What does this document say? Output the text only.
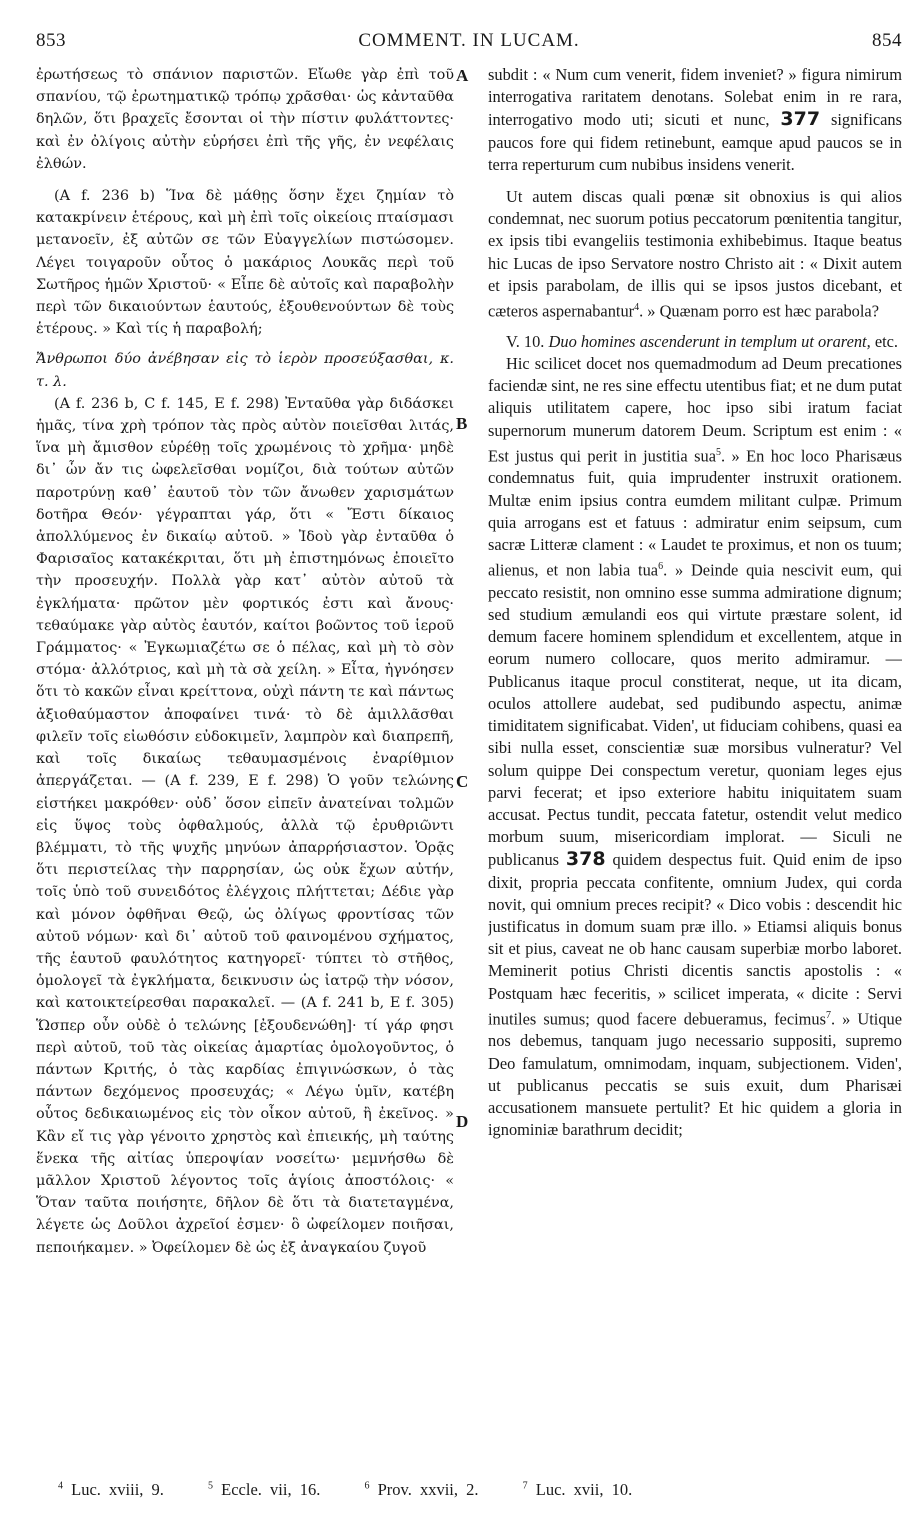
853	COMMENT. IN LUCAM.	854

ἐρωτήσεως τὸ σπάνιον παριστῶν. Εἴωθε γὰρ ἐπὶ τοῦ σπανίου, τῷ ἐρωτηματικῷ τρόπῳ χρᾶσθαι· ὡς κἀνταῦθα δηλῶν, ὅτι βραχεῖς ἔσονται οἱ τὴν πίστιν φυλάττοντες· καὶ ἐν ὀλίγοις αὐτὴν εὑρήσει ἐπὶ τῆς γῆς, ἐν νεφέλαις ἐλθών.

(A f. 236 b) Ἵνα δὲ μάθῃς ὅσην ἔχει ζημίαν τὸ καταкрίνειν ἑτέρους, καὶ μὴ ἐπὶ τοῖς οἰκείοις πταίσμασι μετανοεῖν, ἐξ αὐτῶν σε τῶν Εὐαγγελίων πιστώσομεν. Λέγει τοιγαροῦν οὗτος ὁ μακάριος Λουκᾶς περὶ τοῦ Σωτῆρος ἡμῶν Χριστοῦ· « Εἶπε δὲ αὐτοῖς καὶ παραβολὴν περὶ τῶν δικαιούντων ἑαυτούς, ἐξουθενούντων δὲ τοὺς ἑτέρους. » Καὶ τίς ἡ παραβολή;

Ἄνθρωποι δύο ἀνέβησαν εἰς τὸ ἱερὸν προσεύξασθαι, κ. τ. λ.

(A f. 236 b, C f. 145, E f. 298) Ἐνταῦθα γὰρ διδάσκει ἡμᾶς, τίνα χρὴ τρόπον τὰς πρὸς αὐτὸν ποιεῖσθαι λιτάς, ἵνα μὴ ἄμισθον εὑρέθῃ τοῖς χρωμένοις τὸ χρῆμα· μηδὲ δι᾽ ὧν ἄν τις ὠφελεῖσθαι νομίζοι, διὰ τούτων αὐτῶν παροτρύνῃ καθ᾽ ἑαυτοῦ τὸν τῶν ἄνωθεν χαρισμάτων δοτῆρα Θεόν· γέγραπται γάρ, ὅτι « Ἔστι δίκαιος ἀπολλύμενος ἐν δικαίῳ αὐτοῦ. » Ἰδοὺ γὰρ ἐνταῦθα ὁ Φαρισαῖος κατακέκριται, ὅτι μὴ ἐπιστημόνως ἐποιεῖτο τὴν προσευχήν. Πολλὰ γὰρ κατ᾽ αὐτὸν αὐτοῦ τὰ ἐγκλήματα· πρῶτον μὲν φορτικός ἐστι καὶ ἄνους· τεθαύμακε γὰρ αὐτὸς ἑαυτόν, καίτοι βοῶντος τοῦ ἱεροῦ Γράμματος· « Ἐγκωμιαζέτω σε ὁ πέλας, καὶ μὴ τὸ σὸν στόμα· ἀλλότριος, καὶ μὴ τὰ σὰ χείλη. » Εἶτα, ἠγνόησεν ὅτι τὸ κακῶν εἶναι κρείττονα, οὐχὶ πάντη τε καὶ πάντως ἀξιοθαύμαστον ἀποφαίνει τινά· τὸ δὲ ἁμιλλᾶσθαι φιλεῖν τοῖς εἰωθόσιν εὐδοκιμεῖν, λαμπρὸν καὶ διαπρεπῆ, καὶ τοῖς δικαίως τεθαυμασμένοις ἐναρίθμιον ἀπεργάζεται. — (A f. 239, E f. 298) Ὁ γοῦν τελώνης εἱστήκει μακρόθεν· οὐδ᾽ ὅσον εἰπεῖν ἀνατείναι τολμῶν εἰς ὕψος τοὺς ὀφθαλμούς, ἀλλὰ τῷ ἐρυθριῶντι βλέμματι, τὸ τῆς ψυχῆς μηνύων ἀπαρρήσιαστον. Ὁρᾷς ὅτι περιστείλας τὴν παρρησίαν, ὡς οὐκ ἔχων αὐτήν, τοῖς ὑπὸ τοῦ συνειδότος ἐλέγχοις πλήττεται; Δέδιε γὰρ καὶ μόνον ὀφθῆναι Θεῷ, ὡς ὀλίγως φροντίσας τῶν αὐτοῦ νόμων· καὶ δι᾽ αὐτοῦ τοῦ φαινομένου σχήματος, τῆς ἑαυτοῦ φαυλότητος κατηγορεῖ· τύπτει τὸ στῆθος, ὁμολογεῖ τὰ ἐγκλήματα, δεικνυσιν ὡς ἰατρῷ τὴν νόσον, καὶ κατοικτείρεσθαι παρακαλεῖ. — (A f. 241 b, E f. 305) Ὥσπερ οὖν οὐδὲ ὁ τελώνης [ἐξουδενώθη]· τί γάρ φησι περὶ αὐτοῦ, τοῦ τὰς οἰκείας ἁμαρτίας ὁμολογοῦντος, ὁ πάντων Κριτής, ὁ τὰς καρδίας ἐπιγινώσκων, ὁ τὰς πάντων δεχόμενος προσευχάς; « Λέγω ὑμῖν, κατέβη οὗτος δεδικαιωμένος εἰς τὸν οἶκον αὐτοῦ, ἢ ἐκεῖνος. » Κἂν εἴ τις γὰρ γένοιτο χρηστὸς καὶ ἐπιεικής, μὴ ταύτης ἕνεκα τῆς αἰτίας ὑπεροψίαν νοσείτω· μεμνήσθω δὲ μᾶλλον Χριστοῦ λέγοντος τοῖς ἁγίοις ἀποστόλοις· « Ὅταν ταῦτα ποιήσητε, δῆλον δὲ ὅτι τὰ διατεταγμένα, λέγετε ὡς Δοῦλοι ἀχρεῖοί ἐσμεν· ὃ ὠφείλομεν ποιῆσαι, πεποιήκαμεν. » Ὀφείλομεν δὲ ὡς ἐξ ἀναγκαίου ζυγοῦ

A
B
C
D

subdit : « Num cum venerit, fidem inveniet? » figura nimirum interrogativa raritatem denotans. Solebat enim in re rara, interrogativo modo uti; sicuti et nunc, 377 significans paucos fore qui fidem retinebunt, eamque apud paucos se in terra reperturum cum nubibus insidens venerit.

Ut autem discas quali pœnæ sit obnoxius is qui alios condemnat, nec suorum potius peccatorum pœnitentia tangitur, ex ipsis tibi evangeliis testimonia exhibebimus. Itaque beatus hic Lucas de ipso Servatore nostro Christo ait : « Dixit autem et ipsis parabolam, de illis qui se ipsos justos dicebant, et cæteros aspernabantur$^4$. » Quænam porro est hæc parabola?

V. 10. Duo homines ascenderunt in templum ut orarent, etc.

Hic scilicet docet nos quemadmodum ad Deum precationes faciendæ sint, ne res sine effectu utentibus fiat; et ne dum putat aliquis utilitatem capere, hoc ipso sibi iratum faciat supernorum munerum datorem Deum. Scriptum est enim : « Est justus qui perit in justitia sua$^5$. » En hoc loco Pharisæus condemnatus fuit, quia imprudenter instruxit orationem. Multæ enim ipsius contra eumdem militant culpæ. Primum quia arrogans est et fatuus : admiratur enim seipsum, cum sacræ Litteræ clament : « Laudet te proximus, et non os tuum; alienus, et non labia tua$^6$. » Deinde quia nescivit eum, qui peccato resistit, non omnino esse summa admiratione dignum; sed studium æmulandi eos qui virtute præstare solent, id demum facere hominem splendidum et excellentem, atque in eorum numero collocare, quos merito admiramur. — Publicanus itaque procul constiterat, neque, ut ita dicam, oculos attollere audebat, sed pudibundo aspectu, animæ timiditatem significabat. Viden', ut fiduciam cohibens, quasi ea sibi nulla esset, conscientiæ suæ morsibus vulneratur? Vel solum quippe Dei conspectum veretur, quoniam leges ejus parvi fecerat; et ipso exteriore habitu iniquitatem suam accusat. Pectus tundit, peccata fatetur, ostendit velut medico morbum suum, misericordiam implorat. — Siculi ne publicanus 378 quidem despectus fuit. Quid enim de ipso dixit, propria peccata confitente, omnium Judex, qui corda novit, qui omnium preces recipit? « Dico vobis : descendit hic justificatus in domum suam præ illo. » Etiamsi aliquis bonus sit et pius, caveat ne ob hanc causam superbiæ morbo laboret. Meminerit potius Christi dicentis sanctis apostolis : « Postquam hæc feceritis, » scilicet imperata, « dicite : Servi inutiles sumus; quod facere debueramus, fecimus$^7$. » Utique nos debemus, tanquam jugo necessario suppositi, supremo Deo famulatum, omnimodam, inquam, subjectionem. Viden', ut publicanus peccatis se suis exuit, dum Pharisæi accusationem mansuete pertulit? Et hic quidem a gloria in ignominiæ barathrum decidit;

$^4$ Luc. xviii, 9.	$^5$ Eccle. vii, 16.	$^6$ Prov. xxvii, 2.	$^7$ Luc. xvii, 10.
